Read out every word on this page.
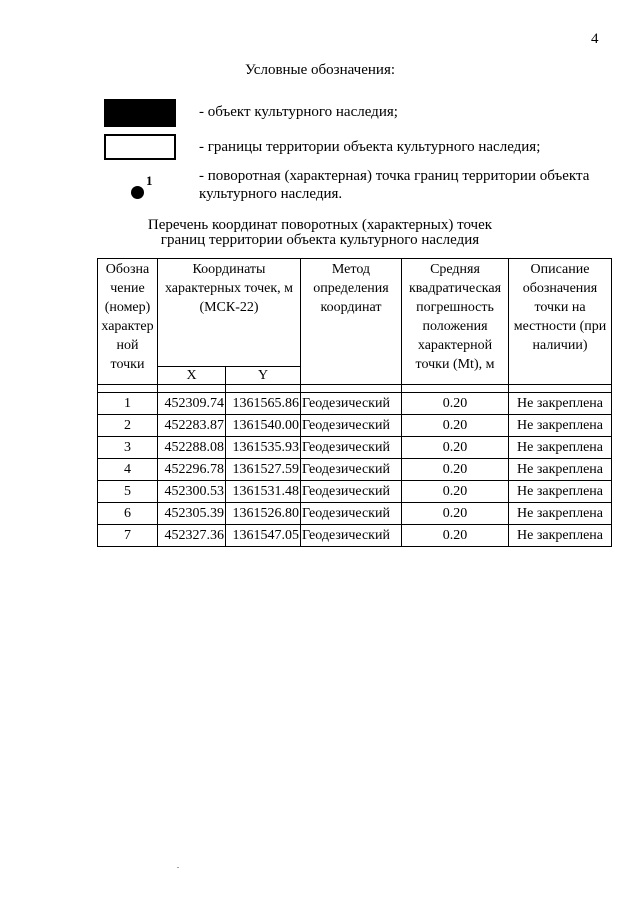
4
Условные обозначения:
- объект культурного наследия;
- границы территории объекта культурного наследия;
1	- поворотная (характерная) точка границ территории объекта культурного наследия.
Перечень координат поворотных (характерных) точек
границ территории объекта культурного наследия
Обозна чение (номер) характер ной точки	Координаты характерных точек, м (МСК-22)		Метод определения координат	Средняя квадратическая погрешность положения характерной точки (Mt), м	Описание обозначения точки на местности (при наличии)
	X	Y			

1	452309.74	1361565.86	Геодезический	0.20	Не закреплена
2	452283.87	1361540.00	Геодезический	0.20	Не закреплена
3	452288.08	1361535.93	Геодезический	0.20	Не закреплена
4	452296.78	1361527.59	Геодезический	0.20	Не закреплена
5	452300.53	1361531.48	Геодезический	0.20	Не закреплена
6	452305.39	1361526.80	Геодезический	0.20	Не закреплена
7	452327.36	1361547.05	Геодезический	0.20	Не закреплена
.
